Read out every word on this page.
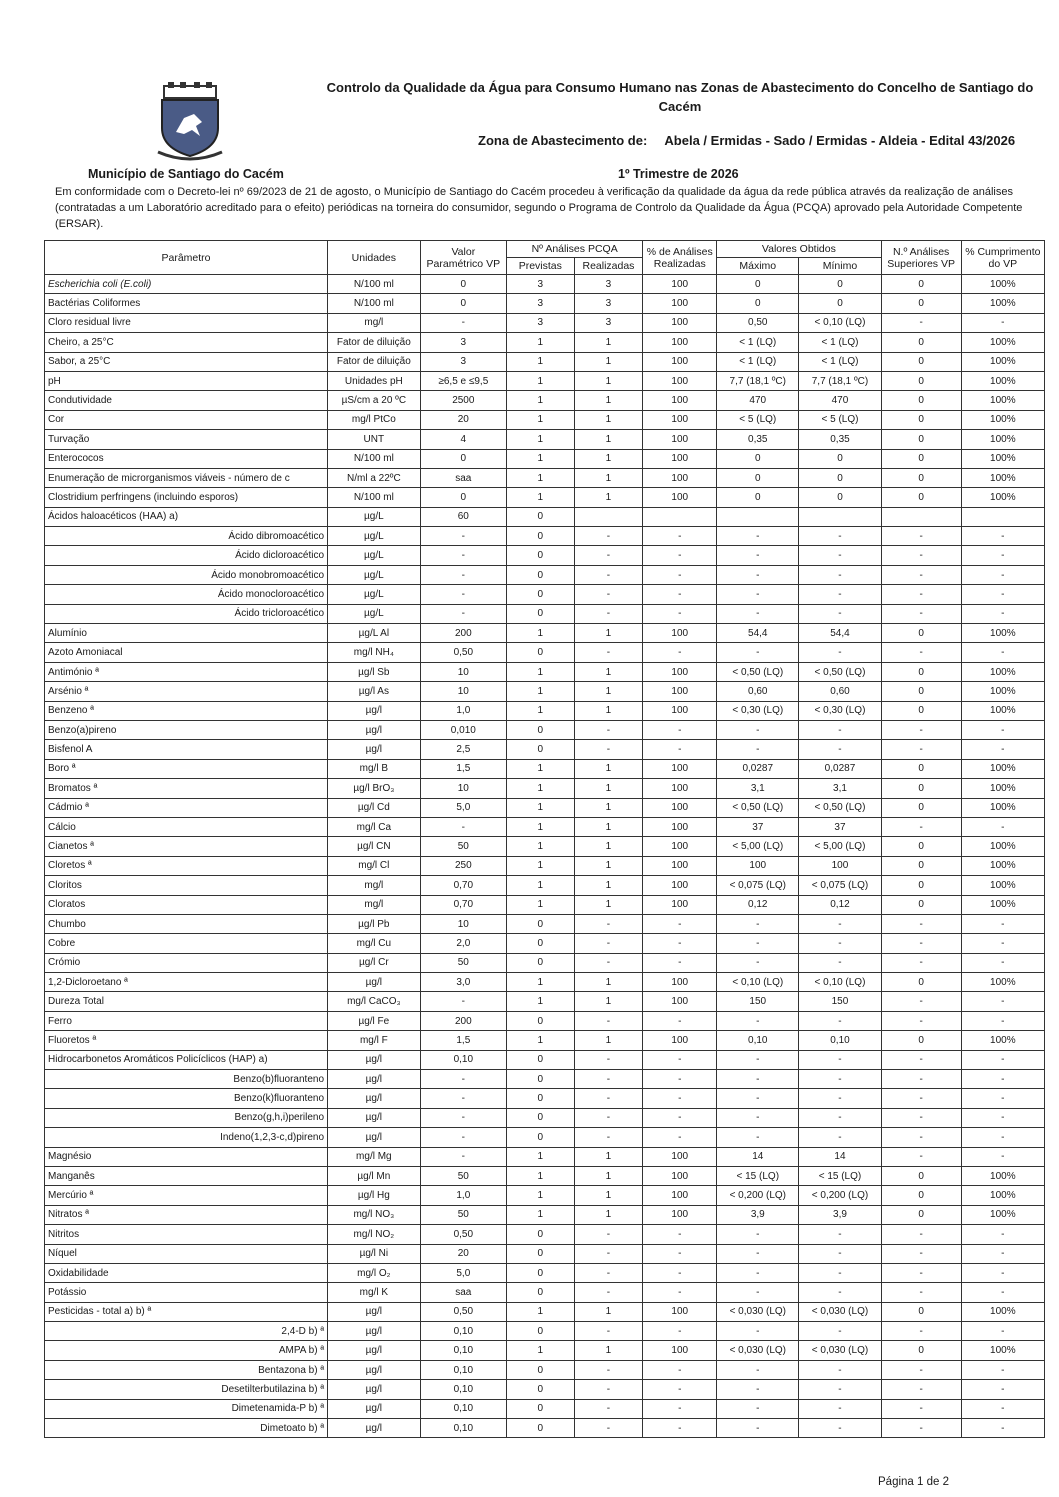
Controlo da Qualidade da Água para Consumo Humano nas Zonas de Abastecimento do Concelho de Santiago do Cacém
Zona de Abastecimento de: Abela / Ermidas - Sado / Ermidas - Aldeia - Edital 43/2026
Município de Santiago do Cacém	1º Trimestre de 2026
Em conformidade com o Decreto-lei nº 69/2023 de 21 de agosto, o Município de Santiago do Cacém procedeu à verificação da qualidade da água da rede pública através da realização de análises (contratadas a um Laboratório acreditado para o efeito) periódicas na torneira do consumidor, segundo o Programa de Controlo da Qualidade da Água (PCQA) aprovado pela Autoridade Competente (ERSAR).
Parâmetro	Unidades	Valor Paramétrico VP	Nº Análises PCQA		% de Análises Realizadas	Valores Obtidos		N.º Análises Superiores VP	% Cumprimento do VP
			Previstas	Realizadas		Máximo	Mínimo		
Escherichia coli (E.coli)	N/100 ml	0	3	3	100	0	0	0	100%
Bactérias Coliformes	N/100 ml	0	3	3	100	0	0	0	100%
Cloro residual livre	mg/l	-	3	3	100	0,50	< 0,10 (LQ)	-	-
Cheiro, a 25°C	Fator de diluição	3	1	1	100	< 1 (LQ)	< 1 (LQ)	0	100%
Sabor, a 25°C	Fator de diluição	3	1	1	100	< 1 (LQ)	< 1 (LQ)	0	100%
pH	Unidades pH	≥6,5 e ≤9,5	1	1	100	7,7 (18,1 ºC)	7,7 (18,1 ºC)	0	100%
Condutividade	µS/cm a 20 ºC	2500	1	1	100	470	470	0	100%
Cor	mg/l PtCo	20	1	1	100	< 5 (LQ)	< 5 (LQ)	0	100%
Turvação	UNT	4	1	1	100	0,35	0,35	0	100%
Enterococos	N/100 ml	0	1	1	100	0	0	0	100%
Enumeração de microrganismos viáveis - número de c	N/ml a 22ºC	saa	1	1	100	0	0	0	100%
Clostridium perfringens (incluindo esporos)	N/100 ml	0	1	1	100	0	0	0	100%
Ácidos haloacéticos (HAA) a)	µg/L	60	0						
Ácido dibromoacético	µg/L	-	0	-	-	-	-	-	-
Ácido dicloroacético	µg/L	-	0	-	-	-	-	-	-
Ácido monobromoacético	µg/L	-	0	-	-	-	-	-	-
Ácido monocloroacético	µg/L	-	0	-	-	-	-	-	-
Ácido tricloroacético	µg/L	-	0	-	-	-	-	-	-
Alumínio	µg/L Al	200	1	1	100	54,4	54,4	0	100%
Azoto Amoniacal	mg/l NH₄	0,50	0	-	-	-	-	-	-
Antimónio ª	µg/l Sb	10	1	1	100	< 0,50 (LQ)	< 0,50 (LQ)	0	100%
Arsénio ª	µg/l As	10	1	1	100	0,60	0,60	0	100%
Benzeno ª	µg/l	1,0	1	1	100	< 0,30 (LQ)	< 0,30 (LQ)	0	100%
Benzo(a)pireno	µg/l	0,010	0	-	-	-	-	-	-
Bisfenol A	µg/l	2,5	0	-	-	-	-	-	-
Boro ª	mg/l B	1,5	1	1	100	0,0287	0,0287	0	100%
Bromatos ª	µg/l BrO₃	10	1	1	100	3,1	3,1	0	100%
Cádmio ª	µg/l Cd	5,0	1	1	100	< 0,50 (LQ)	< 0,50 (LQ)	0	100%
Cálcio	mg/l Ca	-	1	1	100	37	37	-	-
Cianetos ª	µg/l CN	50	1	1	100	< 5,00 (LQ)	< 5,00 (LQ)	0	100%
Cloretos ª	mg/l Cl	250	1	1	100	100	100	0	100%
Cloritos	mg/l	0,70	1	1	100	< 0,075 (LQ)	< 0,075 (LQ)	0	100%
Cloratos	mg/l	0,70	1	1	100	0,12	0,12	0	100%
Chumbo	µg/l Pb	10	0	-	-	-	-	-	-
Cobre	mg/l Cu	2,0	0	-	-	-	-	-	-
Crómio	µg/l Cr	50	0	-	-	-	-	-	-
1,2-Dicloroetano ª	µg/l	3,0	1	1	100	< 0,10 (LQ)	< 0,10 (LQ)	0	100%
Dureza Total	mg/l CaCO₃	-	1	1	100	150	150	-	-
Ferro	µg/l Fe	200	0	-	-	-	-	-	-
Fluoretos ª	mg/l F	1,5	1	1	100	0,10	0,10	0	100%
Hidrocarbonetos Aromáticos Policíclicos (HAP) a)	µg/l	0,10	0	-	-	-	-	-	-
Benzo(b)fluoranteno	µg/l	-	0	-	-	-	-	-	-
Benzo(k)fluoranteno	µg/l	-	0	-	-	-	-	-	-
Benzo(g,h,i)perileno	µg/l	-	0	-	-	-	-	-	-
Indeno(1,2,3-c,d)pireno	µg/l	-	0	-	-	-	-	-	-
Magnésio	mg/l Mg	-	1	1	100	14	14	-	-
Manganês	µg/l Mn	50	1	1	100	< 15 (LQ)	< 15 (LQ)	0	100%
Mercúrio ª	µg/l Hg	1,0	1	1	100	< 0,200 (LQ)	< 0,200 (LQ)	0	100%
Nitratos ª	mg/l NO₃	50	1	1	100	3,9	3,9	0	100%
Nitritos	mg/l NO₂	0,50	0	-	-	-	-	-	-
Níquel	µg/l Ni	20	0	-	-	-	-	-	-
Oxidabilidade	mg/l O₂	5,0	0	-	-	-	-	-	-
Potássio	mg/l K	saa	0	-	-	-	-	-	-
Pesticidas - total a) b) ª	µg/l	0,50	1	1	100	< 0,030 (LQ)	< 0,030 (LQ)	0	100%
2,4-D b) ª	µg/l	0,10	0	-	-	-	-	-	-
AMPA b) ª	µg/l	0,10	1	1	100	< 0,030 (LQ)	< 0,030 (LQ)	0	100%
Bentazona b) ª	µg/l	0,10	0	-	-	-	-	-	-
Desetilterbutilazina b) ª	µg/l	0,10	0	-	-	-	-	-	-
Dimetenamida-P b) ª	µg/l	0,10	0	-	-	-	-	-	-
Dimetoato b) ª	µg/l	0,10	0	-	-	-	-	-	-
Página 1 de 2
